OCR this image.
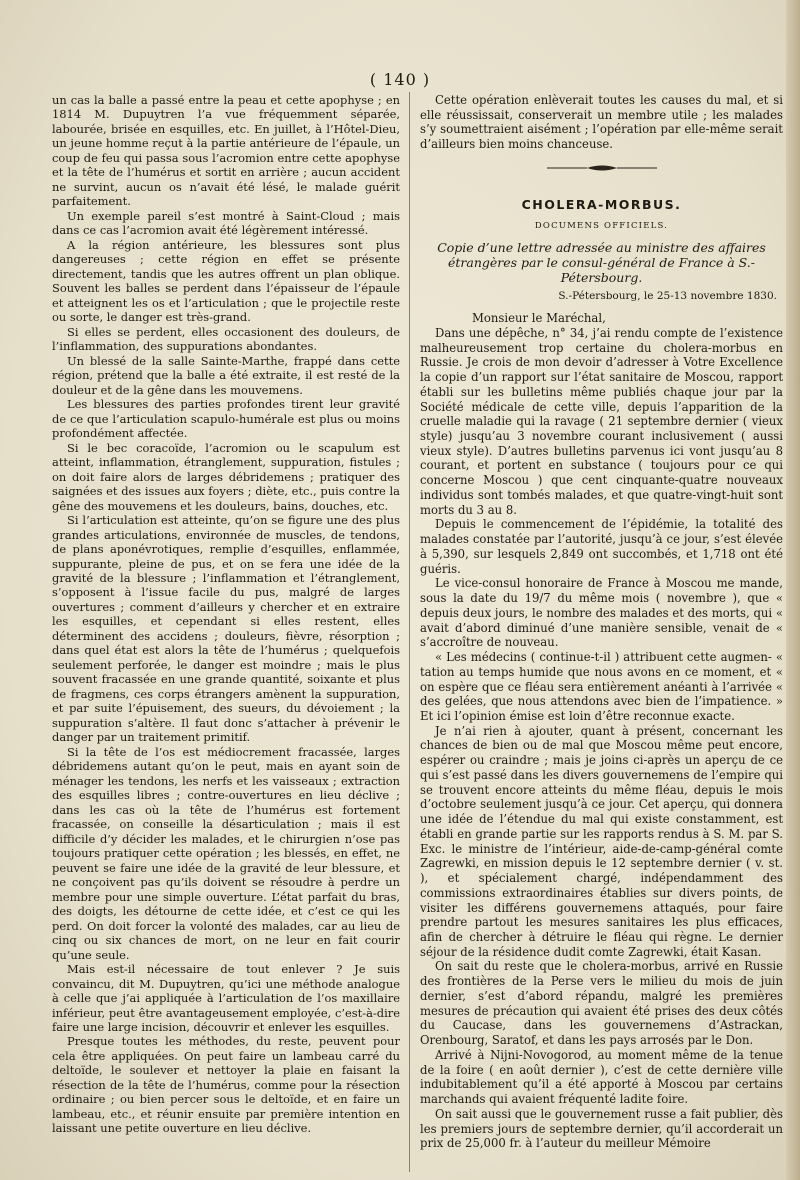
( 140 )

un cas la balle a passé entre la peau et cette apophyse ; en 1814 M. Dupuytren l’a vue fréquemment séparée, labourée, brisée en esquilles, etc. En juillet, à l’Hôtel-Dieu, un jeune homme reçut à la partie antérieure de l’épaule, un coup de feu qui passa sous l’acromion entre cette apophyse et la tête de l’humérus et sortit en arrière ; aucun accident ne survint, aucun os n’avait été lésé, le malade guérit parfaitement.

Un exemple pareil s’est montré à Saint-Cloud ; mais dans ce cas l’acromion avait été légèrement intéressé.

A la région antérieure, les blessures sont plus dangereuses ; cette région en effet se présente directement, tandis que les autres offrent un plan oblique. Souvent les balles se perdent dans l’épaisseur de l’épaule et atteignent les os et l’articulation ; que le projectile reste ou sorte, le danger est très-grand.

Si elles se perdent, elles occasionent des douleurs, de l’inflammation, des suppurations abondantes.

Un blessé de la salle Sainte-Marthe, frappé dans cette région, prétend que la balle a été extraite, il est resté de la douleur et de la gêne dans les mouvemens.

Les blessures des parties profondes tirent leur gravité de ce que l’articulation scapulo-humérale est plus ou moins profondément affectée.

Si le bec coracoïde, l’acromion ou le scapulum est atteint, inflammation, étranglement, suppuration, fistules ; on doit faire alors de larges débridemens ; pratiquer des saignées et des issues aux foyers ; diète, etc., puis contre la gêne des mouvemens et les douleurs, bains, douches, etc.

Si l’articulation est atteinte, qu’on se figure une des plus grandes articulations, environnée de muscles, de tendons, de plans aponévrotiques, remplie d’esquilles, enflammée, suppurante, pleine de pus, et on se fera une idée de la gravité de la blessure ; l’inflammation et l’étranglement, s’opposent à l’issue facile du pus, malgré de larges ouvertures ; comment d’ailleurs y chercher et en extraire les esquilles, et cependant si elles restent, elles déterminent des accidens ; douleurs, fièvre, résorption ; dans quel état est alors la tête de l’humérus ; quelquefois seulement perforée, le danger est moindre ; mais le plus souvent fracassée en une grande quantité, soixante et plus de fragmens, ces corps étrangers amènent la suppuration, et par suite l’épuisement, des sueurs, du dévoiement ; la suppuration s’altère. Il faut donc s’attacher à prévenir le danger par un traitement primitif.

Si la tête de l’os est médiocrement fracassée, larges débridemens autant qu’on le peut, mais en ayant soin de ménager les tendons, les nerfs et les vaisseaux ; extraction des esquilles libres ; contre-ouvertures en lieu déclive ; dans les cas où la tête de l’humérus est fortement fracassée, on conseille la désarticulation ; mais il est difficile d’y décider les malades, et le chirurgien n’ose pas toujours pratiquer cette opération ; les blessés, en effet, ne peuvent se faire une idée de la gravité de leur blessure, et ne conçoivent pas qu’ils doivent se résoudre à perdre un membre pour une simple ouverture. L’état parfait du bras, des doigts, les détourne de cette idée, et c’est ce qui les perd. On doit forcer la volonté des malades, car au lieu de cinq ou six chances de mort, on ne leur en fait courir qu’une seule.

Mais est-il nécessaire de tout enlever ? Je suis convaincu, dit M. Dupuytren, qu’ici une méthode analogue à celle que j’ai appliquée à l’articulation de l’os maxillaire inférieur, peut être avantageusement employée, c’est-à-dire faire une large incision, découvrir et enlever les esquilles.

Presque toutes les méthodes, du reste, peuvent pour cela être appliquées. On peut faire un lambeau carré du deltoïde, le soulever et nettoyer la plaie en faisant la résection de la tête de l’humérus, comme pour la résection ordinaire ; ou bien percer sous le deltoïde, et en faire un lambeau, etc., et réunir ensuite par première intention en laissant une petite ouverture en lieu déclive.

Cette opération enlèverait toutes les causes du mal, et si elle réussissait, conserverait un membre utile ; les malades s’y soumettraient aisément ; l’opération par elle-même serait d’ailleurs bien moins chanceuse.

CHOLERA-MORBUS.
DOCUMENS OFFICIELS.
Copie d’une lettre adressée au ministre des affaires étrangères par le consul-général de France à S.-Pétersbourg.
S.-Pétersbourg, le 25-13 novembre 1830.

Monsieur le Maréchal,

Dans une dépêche, n° 34, j’ai rendu compte de l’existence malheureusement trop certaine du cholera-morbus en Russie. Je crois de mon devoir d’adresser à Votre Excellence la copie d’un rapport sur l’état sanitaire de Moscou, rapport établi sur les bulletins même publiés chaque jour par la Société médicale de cette ville, depuis l’apparition de la cruelle maladie qui la ravage ( 21 septembre dernier ( vieux style) jusqu’au 3 novembre courant inclusivement ( aussi vieux style). D’autres bulletins parvenus ici vont jusqu’au 8 courant, et portent en substance ( toujours pour ce qui concerne Moscou ) que cent cinquante-quatre nouveaux individus sont tombés malades, et que quatre-vingt-huit sont morts du 3 au 8.

Depuis le commencement de l’épidémie, la totalité des malades constatée par l’autorité, jusqu’à ce jour, s’est élevée à 5,390, sur lesquels 2,849 ont succombés, et 1,718 ont été guéris.

Le vice-consul honoraire de France à Moscou me mande, sous la date du 19/7 du même mois ( novembre ), que « depuis deux jours, le nombre des malades et des morts, qui « avait d’abord diminué d’une manière sensible, venait de « s’accroître de nouveau.

« Les médecins ( continue-t-il ) attribuent cette augmen- « tation au temps humide que nous avons en ce moment, et « on espère que ce fléau sera entièrement anéanti à l’arrivée « des gelées, que nous attendons avec bien de l’impatience. » Et ici l’opinion émise est loin d’être reconnue exacte.

Je n’ai rien à ajouter, quant à présent, concernant les chances de bien ou de mal que Moscou même peut encore, espérer ou craindre ; mais je joins ci-après un aperçu de ce qui s’est passé dans les divers gouvernemens de l’empire qui se trouvent encore atteints du même fléau, depuis le mois d’octobre seulement jusqu’à ce jour. Cet aperçu, qui donnera une idée de l’étendue du mal qui existe constamment, est établi en grande partie sur les rapports rendus à S. M. par S. Exc. le ministre de l’intérieur, aide-de-camp-général comte Zagrewki, en mission depuis le 12 septembre dernier ( v. st. ), et spécialement chargé, indépendamment des commissions extraordinaires établies sur divers points, de visiter les différens gouvernemens attaqués, pour faire prendre partout les mesures sanitaires les plus efficaces, afin de chercher à détruire le fléau qui règne. Le dernier séjour de la résidence dudit comte Zagrewki, était Kasan.

On sait du reste que le cholera-morbus, arrivé en Russie des frontières de la Perse vers le milieu du mois de juin dernier, s’est d’abord répandu, malgré les premières mesures de précaution qui avaient été prises des deux côtés du Caucase, dans les gouvernemens d’Astrackan, Orenbourg, Saratof, et dans les pays arrosés par le Don.

Arrivé à Nijni-Novogorod, au moment même de la tenue de la foire ( en août dernier ), c’est de cette dernière ville indubitablement qu’il a été apporté à Moscou par certains marchands qui avaient fréquenté ladite foire.

On sait aussi que le gouvernement russe a fait publier, dès les premiers jours de septembre dernier, qu’il accorderait un prix de 25,000 fr. à l’auteur du meilleur Mémoire
